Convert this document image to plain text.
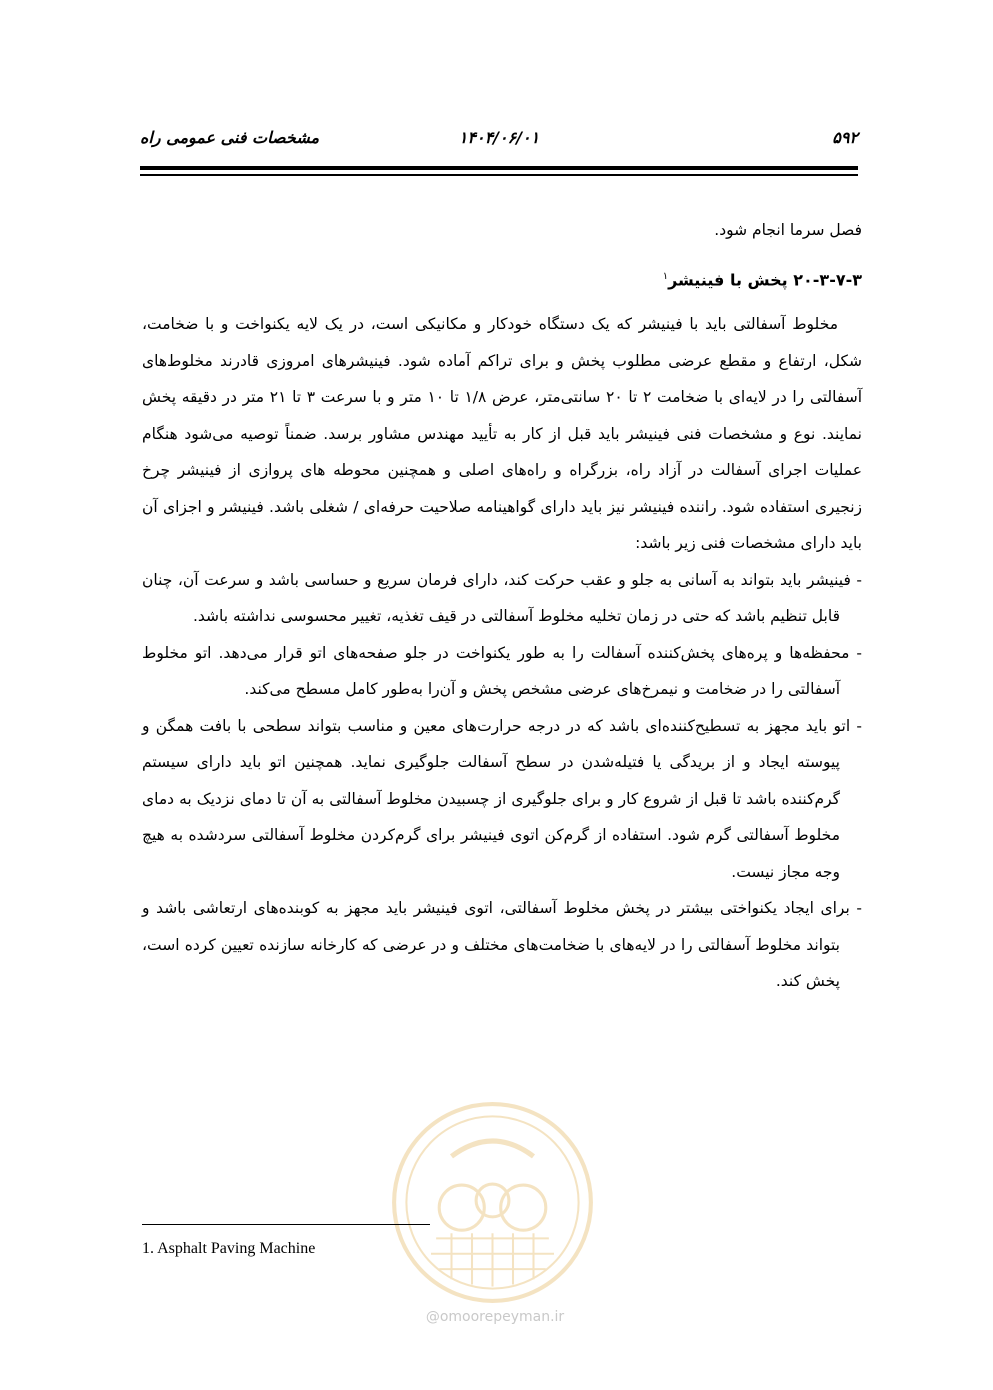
۵۹۲
۱۴۰۴/۰۶/۰۱
مشخصات فنی عمومی راه
@omoorepeyman.ir

فصل سرما انجام شود.

۲۰-۳-۷-۳ پخش با فینیشر$^۱$

مخلوط آسفالتی باید با فینیشر که یک دستگاه خودکار و مکانیکی است، در یک لایه یکنواخت و با ضخامت، شکل، ارتفاع و مقطع عرضی مطلوب پخش و برای تراکم آماده شود. فینیشرهای امروزی قادرند مخلوط‌های آسفالتی را در لایه‌ای با ضخامت ۲ تا ۲۰ سانتی‌متر، عرض ۱/۸ تا ۱۰ متر و با سرعت ۳ تا ۲۱ متر در دقیقه پخش نمایند. نوع و مشخصات فنی فینیشر باید قبل از کار به تأیید مهندس مشاور برسد. ضمناً توصیه می‌شود هنگام عملیات اجرای آسفالت در آزاد راه، بزرگراه و راه‌های اصلی و همچنین محوطه های پروازی از فینیشر چرخ زنجیری استفاده شود. راننده فینیشر نیز باید دارای گواهینامه صلاحیت حرفه‌ای / شغلی باشد. فینیشر و اجزای آن باید دارای مشخصات فنی زیر باشد:

- فینیشر باید بتواند به آسانی به جلو و عقب حرکت کند، دارای فرمان سریع و حساسی باشد و سرعت آن، چنان قابل تنظیم باشد که حتی در زمان تخلیه مخلوط آسفالتی در قیف تغذیه، تغییر محسوسی نداشته باشد.

- محفظه‌ها و پره‌های پخش‌کننده آسفالت را به طور یکنواخت در جلو صفحه‌های اتو قرار می‌دهد. اتو مخلوط آسفالتی را در ضخامت و نیمرخ‌های عرضی مشخص پخش و آن‌را به‌طور کامل مسطح می‌کند.

- اتو باید مجهز به تسطیح‌کننده‌ای باشد که در درجه حرارت‌های معین و مناسب بتواند سطحی با بافت همگن و پیوسته ایجاد و از بریدگی یا فتیله‌شدن در سطح آسفالت جلوگیری نماید. همچنین اتو باید دارای سیستم گرم‌کننده باشد تا قبل از شروع کار و برای جلوگیری از چسبیدن مخلوط آسفالتی به آن تا دمای نزدیک به دمای مخلوط آسفالتی گرم شود. استفاده از گرم‌کن اتوی فینیشر برای گرم‌کردن مخلوط آسفالتی سردشده به هیچ وجه مجاز نیست.

- برای ایجاد یکنواختی بیشتر در پخش مخلوط آسفالتی، اتوی فینیشر باید مجهز به کوبنده‌های ارتعاشی باشد و بتواند مخلوط آسفالتی را در لایه‌های با ضخامت‌های مختلف و در عرضی که کارخانه سازنده تعیین کرده است، پخش کند.

1. Asphalt Paving Machine
